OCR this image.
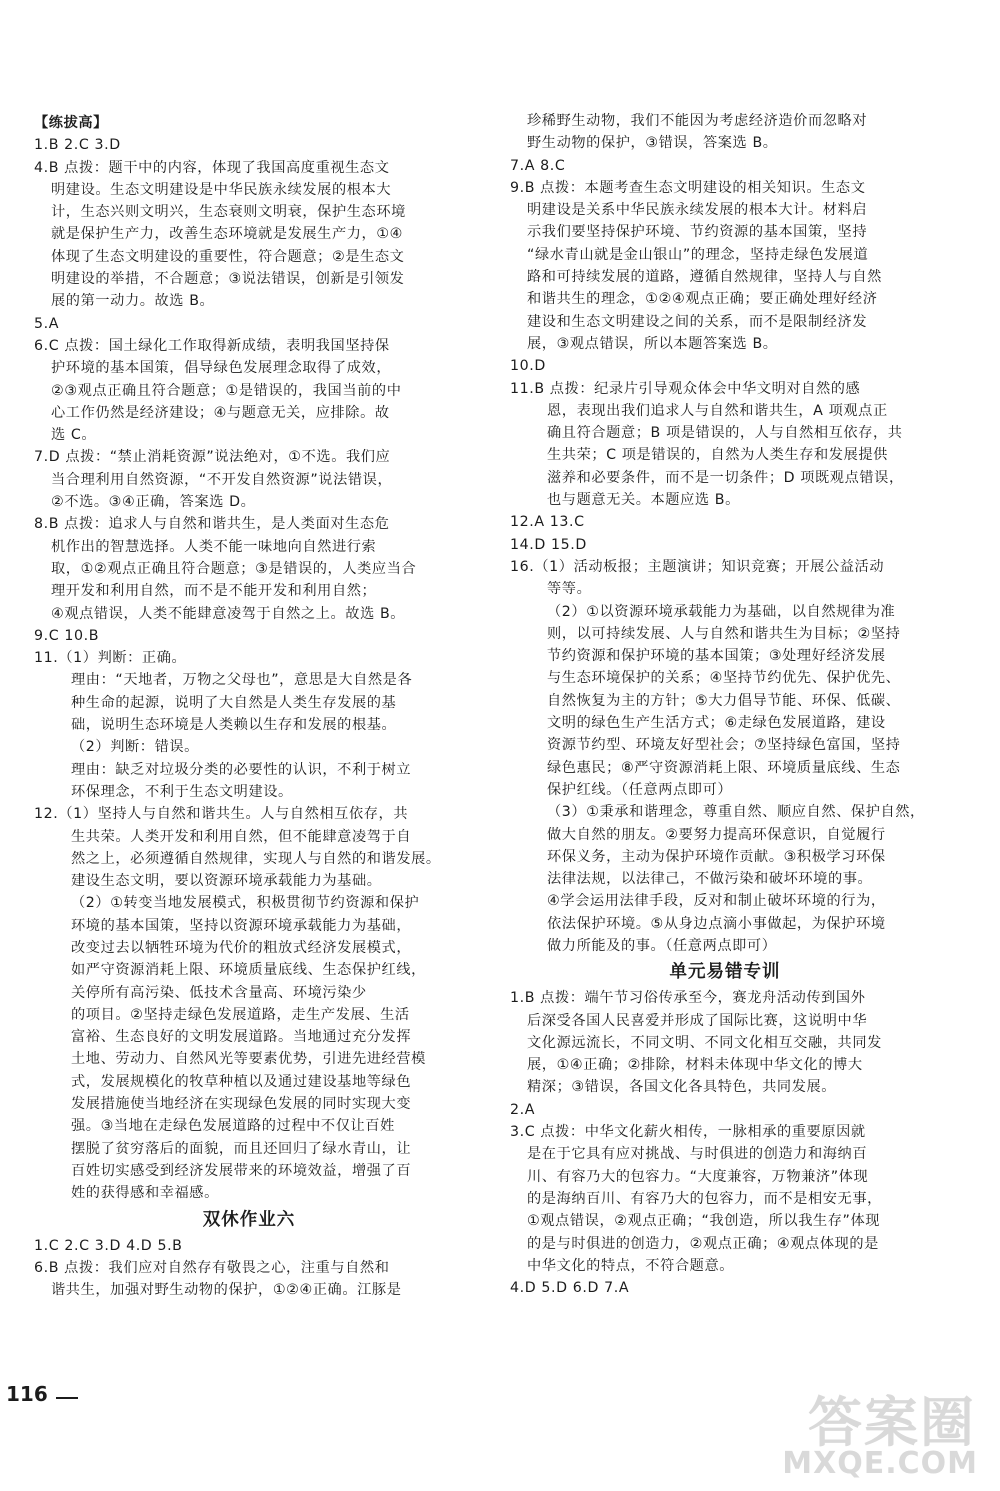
【练拔高】
1.B 2.C 3.D
4.B 点拨：题干中的内容，体现了我国高度重视生态文
明建设。生态文明建设是中华民族永续发展的根本大
计，生态兴则文明兴，生态衰则文明衰，保护生态环境
就是保护生产力，改善生态环境就是发展生产力，①④
体现了生态文明建设的重要性，符合题意；②是生态文
明建设的举措，不合题意；③说法错误，创新是引领发
展的第一动力。故选 B。
5.A
6.C 点拨：国土绿化工作取得新成绩，表明我国坚持保
护环境的基本国策，倡导绿色发展理念取得了成效，
②③观点正确且符合题意；①是错误的，我国当前的中
心工作仍然是经济建设；④与题意无关，应排除。故
选 C。
7.D 点拨：“禁止消耗资源”说法绝对，①不选。我们应
当合理利用自然资源，“不开发自然资源”说法错误，
②不选。③④正确，答案选 D。
8.B 点拨：追求人与自然和谐共生，是人类面对生态危
机作出的智慧选择。人类不能一味地向自然进行索
取，①②观点正确且符合题意；③是错误的，人类应当合
理开发和利用自然，而不是不能开发和利用自然；
④观点错误，人类不能肆意凌驾于自然之上。故选 B。
9.C 10.B
11.（1）判断：正确。
理由：“天地者，万物之父母也”，意思是大自然是各
种生命的起源，说明了大自然是人类生存发展的基
础，说明生态环境是人类赖以生存和发展的根基。
（2）判断：错误。
理由：缺乏对垃圾分类的必要性的认识，不利于树立
环保理念，不利于生态文明建设。
12.（1）坚持人与自然和谐共生。人与自然相互依存，共
生共荣。人类开发和利用自然，但不能肆意凌驾于自
然之上，必须遵循自然规律，实现人与自然的和谐发展。
建设生态文明，要以资源环境承载能力为基础。
（2）①转变当地发展模式，积极贯彻节约资源和保护
环境的基本国策，坚持以资源环境承载能力为基础，
改变过去以牺牲环境为代价的粗放式经济发展模式，
如严守资源消耗上限、环境质量底线、生态保护红线，
关停所有高污染、低技术含量高、环境污染少
的项目。②坚持走绿色发展道路，走生产发展、生活
富裕、生态良好的文明发展道路。当地通过充分发挥
土地、劳动力、自然风光等要素优势，引进先进经营模
式，发展规模化的牧草种植以及通过建设基地等绿色
发展措施使当地经济在实现绿色发展的同时实现大变
强。③当地在走绿色发展道路的过程中不仅让百姓
摆脱了贫穷落后的面貌，而且还回归了绿水青山，让
百姓切实感受到经济发展带来的环境效益，增强了百
姓的获得感和幸福感。
双休作业六
1.C 2.C 3.D 4.D 5.B
6.B 点拨：我们应对自然存有敬畏之心，注重与自然和
谐共生，加强对野生动物的保护，①②④正确。江豚是
珍稀野生动物，我们不能因为考虑经济造价而忽略对
野生动物的保护，③错误，答案选 B。
7.A 8.C
9.B 点拨：本题考查生态文明建设的相关知识。生态文
明建设是关系中华民族永续发展的根本大计。材料启
示我们要坚持保护环境、节约资源的基本国策，坚持
“绿水青山就是金山银山”的理念，坚持走绿色发展道
路和可持续发展的道路，遵循自然规律，坚持人与自然
和谐共生的理念，①②④观点正确；要正确处理好经济
建设和生态文明建设之间的关系，而不是限制经济发
展，③观点错误，所以本题答案选 B。
10.D
11.B 点拨：纪录片引导观众体会中华文明对自然的感
恩，表现出我们追求人与自然和谐共生，A 项观点正
确且符合题意；B 项是错误的，人与自然相互依存，共
生共荣；C 项是错误的，自然为人类生存和发展提供
滋养和必要条件，而不是一切条件；D 项既观点错误，
也与题意无关。本题应选 B。
12.A 13.C
14.D 15.D
16.（1）活动板报；主题演讲；知识竞赛；开展公益活动
等等。
（2）①以资源环境承载能力为基础，以自然规律为准
则，以可持续发展、人与自然和谐共生为目标；②坚持
节约资源和保护环境的基本国策；③处理好经济发展
与生态环境保护的关系；④坚持节约优先、保护优先、
自然恢复为主的方针；⑤大力倡导节能、环保、低碳、
文明的绿色生产生活方式；⑥走绿色发展道路，建设
资源节约型、环境友好型社会；⑦坚持绿色富国，坚持
绿色惠民；⑧严守资源消耗上限、环境质量底线、生态
保护红线。（任意两点即可）
（3）①秉承和谐理念，尊重自然、顺应自然、保护自然，
做大自然的朋友。②要努力提高环保意识，自觉履行
环保义务，主动为保护环境作贡献。③积极学习环保
法律法规，以法律己，不做污染和破坏环境的事。
④学会运用法律手段，反对和制止破坏环境的行为，
依法保护环境。⑤从身边点滴小事做起，为保护环境
做力所能及的事。（任意两点即可）
单元易错专训
1.B 点拨：端午节习俗传承至今，赛龙舟活动传到国外
后深受各国人民喜爱并形成了国际比赛，这说明中华
文化源远流长，不同文明、不同文化相互交融，共同发
展，①④正确；②排除，材料未体现中华文化的博大
精深；③错误，各国文化各具特色，共同发展。
2.A
3.C 点拨：中华文化薪火相传，一脉相承的重要原因就
是在于它具有应对挑战、与时俱进的创造力和海纳百
川、有容乃大的包容力。“大度兼容，万物兼济”体现
的是海纳百川、有容乃大的包容力，而不是相安无事，
①观点错误，②观点正确；“我创造，所以我生存”体现
的是与时俱进的创造力，②观点正确；④观点体现的是
中华文化的特点，不符合题意。
4.D 5.D 6.D 7.A
116	答案圈
MXQE.COM
